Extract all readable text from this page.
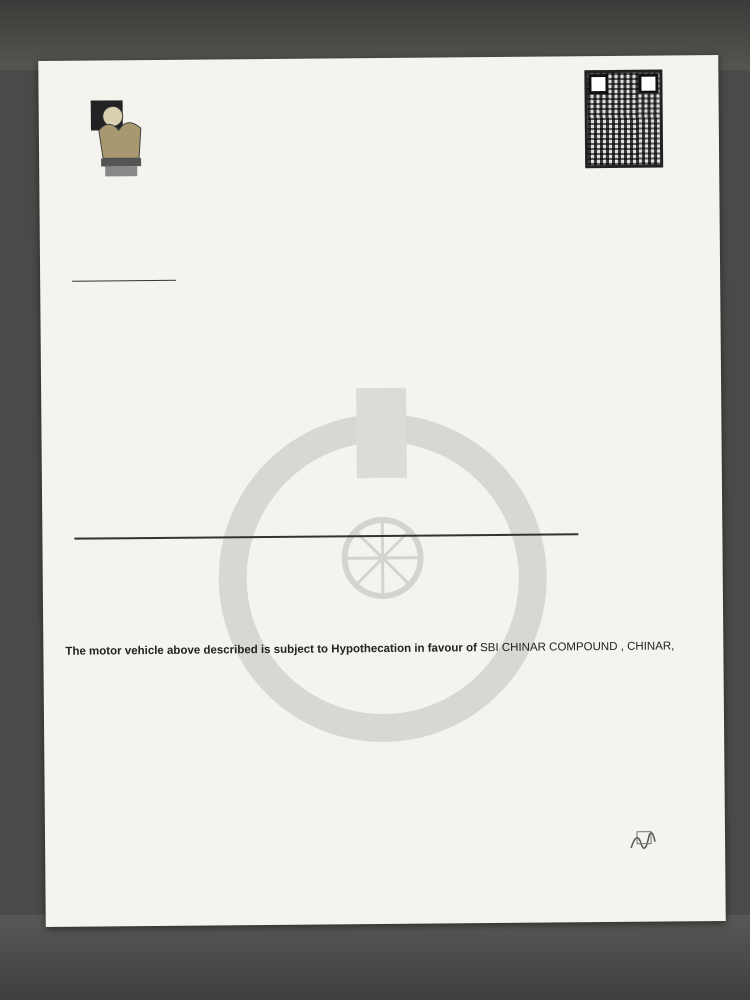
The motor vehicle above described is subject to Hypothecation in favour of SBI CHINAR COMPOUND , CHINAR,
